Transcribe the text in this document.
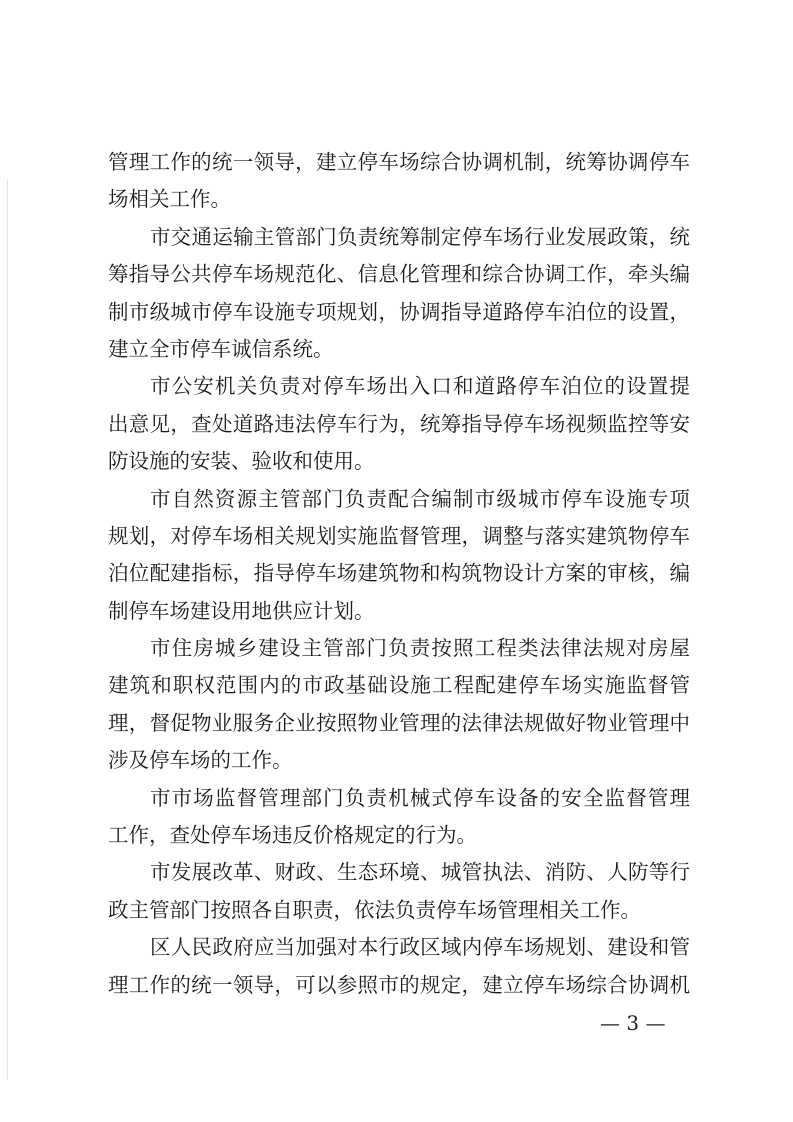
管理工作的统一领导，建立停车场综合协调机制，统筹协调停车
场相关工作。
市交通运输主管部门负责统筹制定停车场行业发展政策，统
筹指导公共停车场规范化、信息化管理和综合协调工作，牵头编
制市级城市停车设施专项规划，协调指导道路停车泊位的设置，
建立全市停车诚信系统。
市公安机关负责对停车场出入口和道路停车泊位的设置提
出意见，查处道路违法停车行为，统筹指导停车场视频监控等安
防设施的安装、验收和使用。
市自然资源主管部门负责配合编制市级城市停车设施专项
规划，对停车场相关规划实施监督管理，调整与落实建筑物停车
泊位配建指标，指导停车场建筑物和构筑物设计方案的审核，编
制停车场建设用地供应计划。
市住房城乡建设主管部门负责按照工程类法律法规对房屋
建筑和职权范围内的市政基础设施工程配建停车场实施监督管
理，督促物业服务企业按照物业管理的法律法规做好物业管理中
涉及停车场的工作。
市市场监督管理部门负责机械式停车设备的安全监督管理
工作，查处停车场违反价格规定的行为。
市发展改革、财政、生态环境、城管执法、消防、人防等行
政主管部门按照各自职责，依法负责停车场管理相关工作。
区人民政府应当加强对本行政区域内停车场规划、建设和管
理工作的统一领导，可以参照市的规定，建立停车场综合协调机
— 3 —
